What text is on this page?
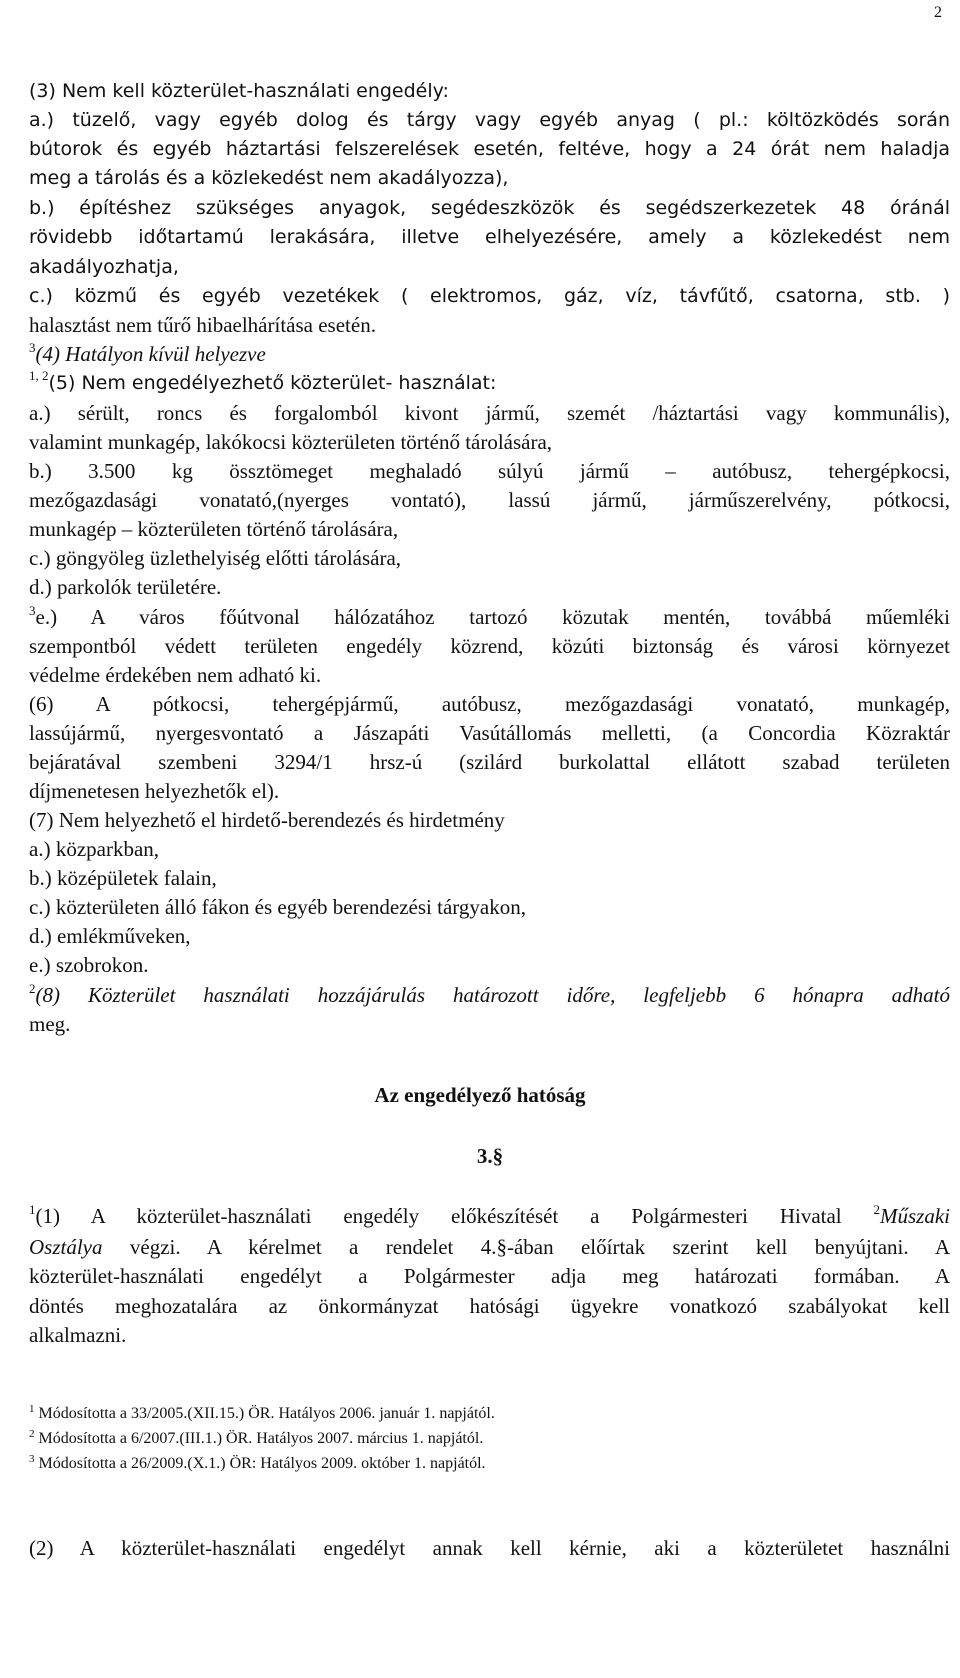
2
(3) Nem kell közterület-használati engedély:
a.) tüzelő, vagy egyéb dolog és tárgy vagy egyéb anyag ( pl.: költözködés során
bútorok és egyéb háztartási felszerelések esetén, feltéve, hogy a 24 órát nem haladja
meg a tárolás és a közlekedést nem akadályozza),
b.) építéshez szükséges anyagok, segédeszközök és segédszerkezetek 48 óránál
rövidebb időtartamú lerakására, illetve elhelyezésére, amely a közlekedést nem
akadályozhatja,
c.) közmű és egyéb vezetékek ( elektromos, gáz, víz, távfűtő, csatorna, stb. )
halasztást nem tűrő hibaelhárítása esetén.
$^3$(4) Hatályon kívül helyezve
$^{1, 2}$(5) Nem engedélyezhető közterület- használat:
a.) sérült, roncs és forgalomból kivont jármű, szemét /háztartási vagy kommunális),
valamint munkagép, lakókocsi közterületen történő tárolására,
b.) 3.500 kg össztömeget meghaladó súlyú jármű – autóbusz, tehergépkocsi,
mezőgazdasági vonatató,(nyerges vontató), lassú jármű, járműszerelvény, pótkocsi,
munkagép – közterületen történő tárolására,
c.) göngyöleg üzlethelyiség előtti tárolására,
d.) parkolók területére.
$^3$e.) A város főútvonal hálózatához tartozó közutak mentén, továbbá műemléki
szempontból védett területen engedély közrend, közúti biztonság és városi környezet
védelme érdekében nem adható ki.
(6) A pótkocsi, tehergépjármű, autóbusz, mezőgazdasági vonatató, munkagép,
lassújármű, nyergesvontató a Jászapáti Vasútállomás melletti, (a Concordia Közraktár
bejáratával szembeni 3294/1 hrsz-ú (szilárd burkolattal ellátott szabad területen
díjmenetesen helyezhetők el).
(7) Nem helyezhető el hirdető-berendezés és hirdetmény
a.) közparkban,
b.) középületek falain,
c.) közterületen álló fákon és egyéb berendezési tárgyakon,
d.) emlékműveken,
e.) szobrokon.
$^2$(8) Közterület használati hozzájárulás határozott időre, legfeljebb 6 hónapra adható
meg.
Az engedélyező hatóság
3.§
$^1$(1) A közterület-használati engedély előkészítését a Polgármesteri Hivatal $^2$Műszaki
Osztálya végzi. A kérelmet a rendelet 4.§-ában előírtak szerint kell benyújtani. A
közterület-használati engedélyt a Polgármester adja meg határozati formában. A
döntés meghozatalára az önkormányzat hatósági ügyekre vonatkozó szabályokat kell
alkalmazni.
$^1$ Módosította a 33/2005.(XII.15.) ÖR. Hatályos 2006. január 1. napjától.
$^2$ Módosította a 6/2007.(III.1.) ÖR. Hatályos 2007. március 1. napjától.
$^3$ Módosította a 26/2009.(X.1.) ÖR: Hatályos 2009. október 1. napjától.
(2) A közterület-használati engedélyt annak kell kérnie, aki a közterületet használni
